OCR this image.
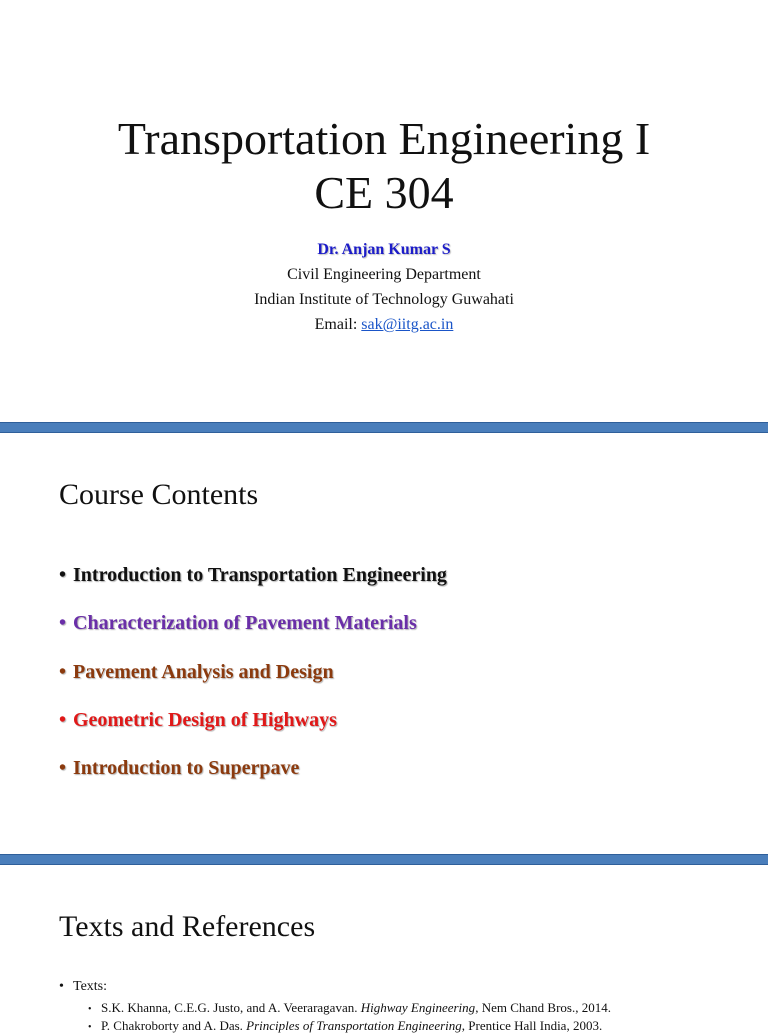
Transportation Engineering I
CE 304
Dr. Anjan Kumar S
Civil Engineering Department
Indian Institute of Technology Guwahati
Email: sak@iitg.ac.in
Course Contents
• Introduction to Transportation Engineering
• Characterization of Pavement Materials
• Pavement Analysis and Design
• Geometric Design of Highways
• Introduction to Superpave
Texts and References
• Texts:
• S.K. Khanna, C.E.G. Justo, and A. Veeraragavan. Highway Engineering, Nem Chand Bros., 2014.
• P. Chakroborty and A. Das. Principles of Transportation Engineering, Prentice Hall India, 2003.
